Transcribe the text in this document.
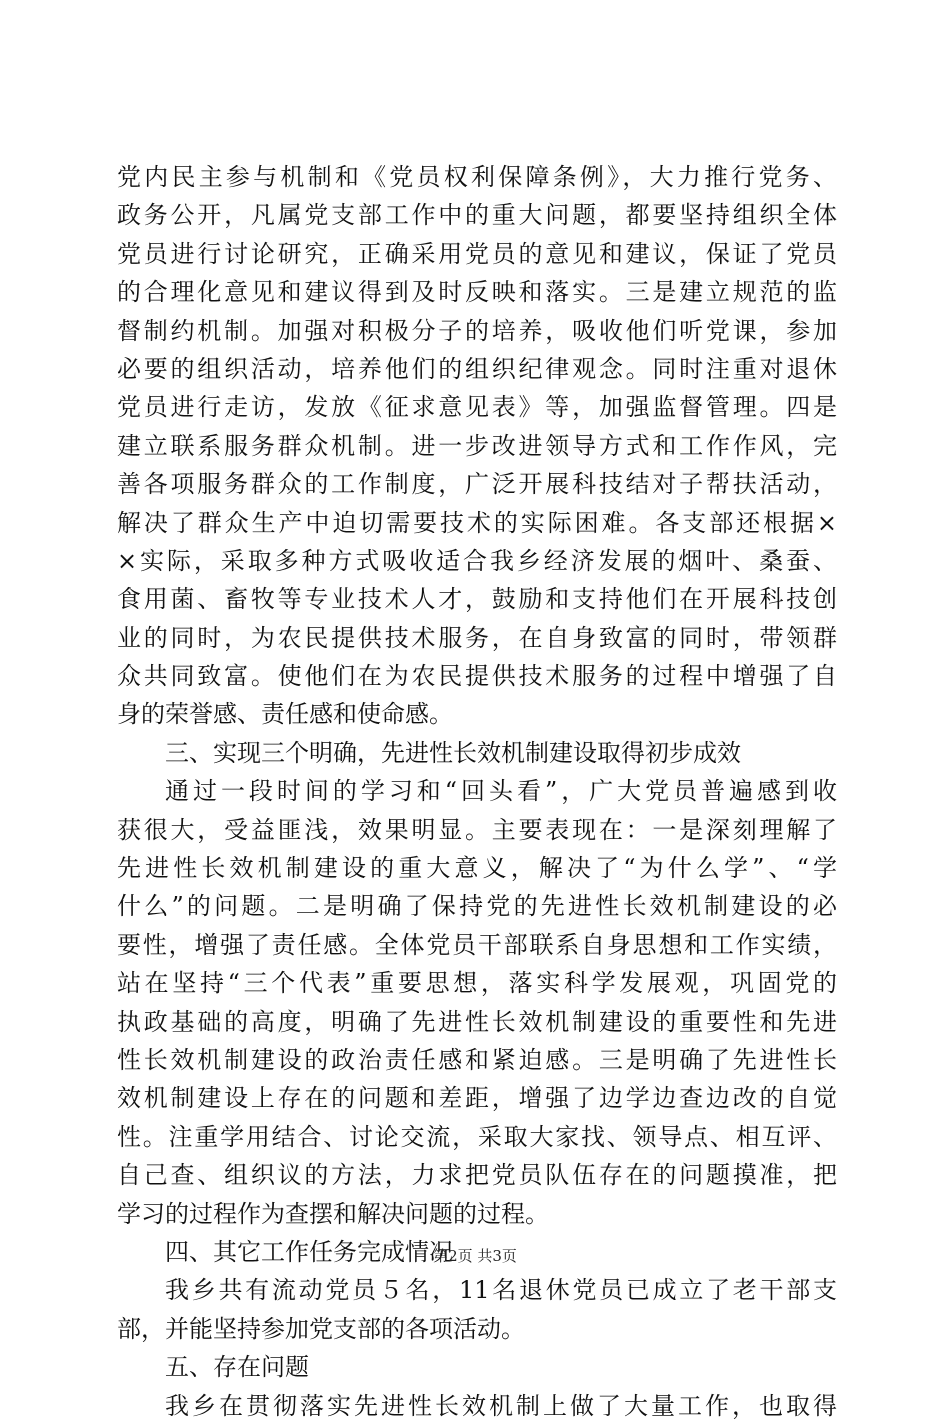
党内民主参与机制和《党员权利保障条例》，大力推行党务、
政务公开，凡属党支部工作中的重大问题，都要坚持组织全体
党员进行讨论研究，正确采用党员的意见和建议，保证了党员
的合理化意见和建议得到及时反映和落实。三是建立规范的监
督制约机制。加强对积极分子的培养，吸收他们听党课，参加
必要的组织活动，培养他们的组织纪律观念。同时注重对退休
党员进行走访，发放《征求意见表》等，加强监督管理。四是
建立联系服务群众机制。进一步改进领导方式和工作作风，完
善各项服务群众的工作制度，广泛开展科技结对子帮扶活动，
解决了群众生产中迫切需要技术的实际困难。各支部还根据×
×实际，采取多种方式吸收适合我乡经济发展的烟叶、桑蚕、
食用菌、畜牧等专业技术人才，鼓励和支持他们在开展科技创
业的同时，为农民提供技术服务，在自身致富的同时，带领群
众共同致富。使他们在为农民提供技术服务的过程中增强了自
身的荣誉感、责任感和使命感。
三、实现三个明确，先进性长效机制建设取得初步成效
通过一段时间的学习和“回头看”，广大党员普遍感到收
获很大，受益匪浅，效果明显。主要表现在：一是深刻理解了
先进性长效机制建设的重大意义，解决了“为什么学”、“学
什么”的问题。二是明确了保持党的先进性长效机制建设的必
要性，增强了责任感。全体党员干部联系自身思想和工作实绩，
站在坚持“三个代表”重要思想，落实科学发展观，巩固党的
执政基础的高度，明确了先进性长效机制建设的重要性和先进
性长效机制建设的政治责任感和紧迫感。三是明确了先进性长
效机制建设上存在的问题和差距，增强了边学边查边改的自觉
性。注重学用结合、讨论交流，采取大家找、领导点、相互评、
自己查、组织议的方法，力求把党员队伍存在的问题摸准，把
学习的过程作为查摆和解决问题的过程。
四、其它工作任务完成情况
我乡共有流动党员５名，11名退休党员已成立了老干部支
部，并能坚持参加党支部的各项活动。
五、存在问题
我乡在贯彻落实先进性长效机制上做了大量工作，也取得
第2页 共3页
